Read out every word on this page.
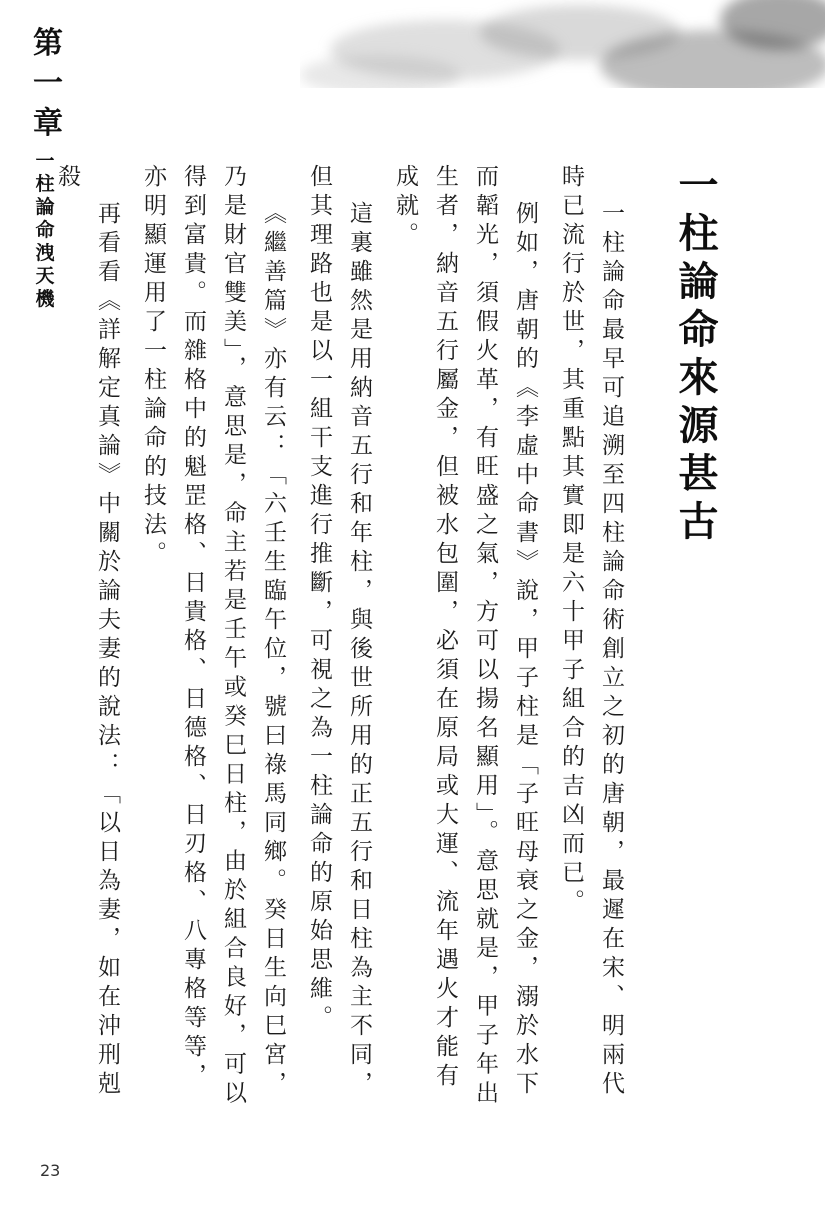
第一章
一柱論命洩天機	一柱論命來源甚古

一柱論命最早可追溯至四柱論命術創立之初的唐朝，最遲在宋、明兩代時已流行於世，其重點其實即是六十甲子組合的吉凶而已。

例如，唐朝的《李虛中命書》說，甲子柱是「子旺母衰之金，溺於水下而韜光，須假火革，有旺盛之氣，方可以揚名顯用」。意思就是，甲子年出生者，納音五行屬金，但被水包圍，必須在原局或大運、流年遇火才能有成就。

這裏雖然是用納音五行和年柱，與後世所用的正五行和日柱為主不同，但其理路也是以一組干支進行推斷，可視之為一柱論命的原始思維。

《繼善篇》亦有云：「六壬生臨午位，號曰祿馬同鄉。癸日生向巳宮，乃是財官雙美」，意思是，命主若是壬午或癸巳日柱，由於組合良好，可以得到富貴。而雜格中的魁罡格、日貴格、日德格、日刃格、八專格等等，亦明顯運用了一柱論命的技法。

再看看《詳解定真論》中關於論夫妻的說法：「以日為妻，如在沖刑剋殺

23
